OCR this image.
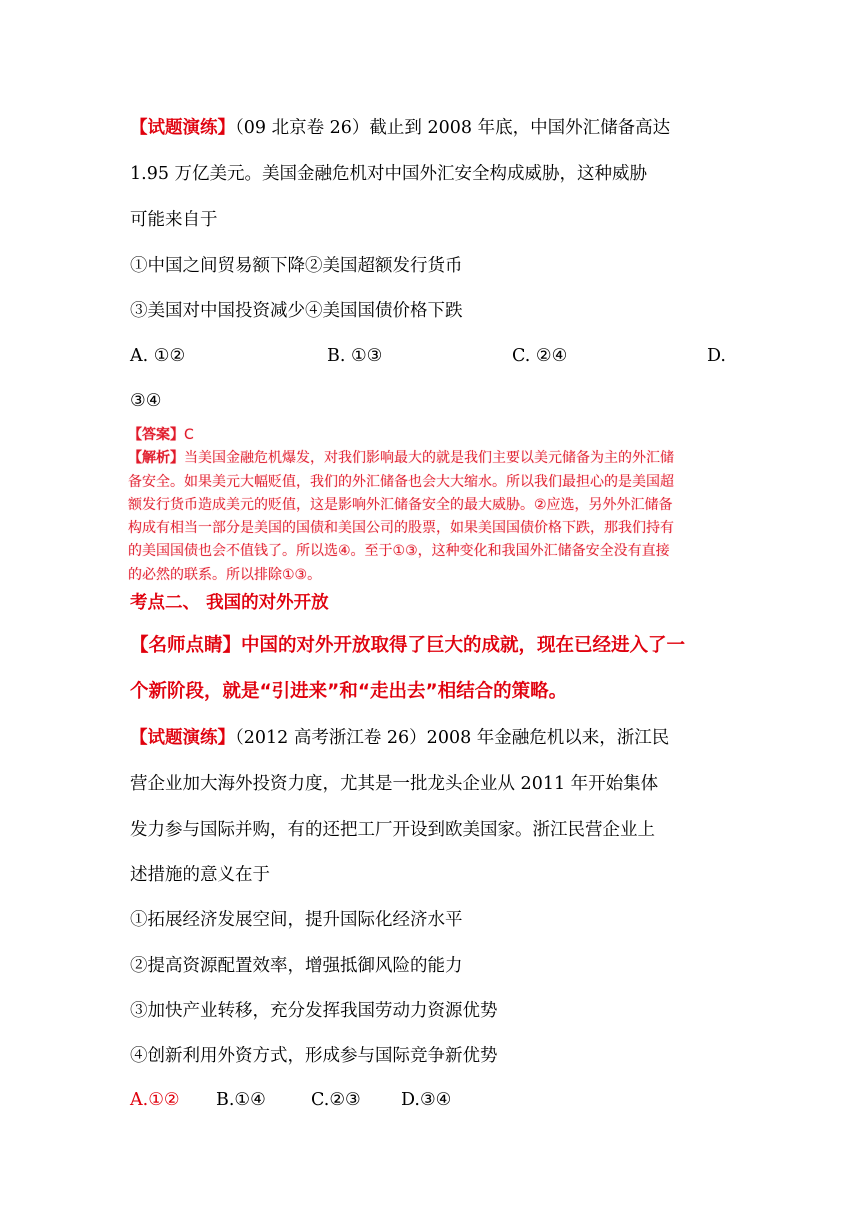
【试题演练】（09 北京卷 26）截止到 2008 年底，中国外汇储备高达
1.95 万亿美元。美国金融危机对中国外汇安全构成威胁，这种威胁
可能来自于
①中国之间贸易额下降②美国超额发行货币
③美国对中国投资减少④美国国债价格下跌
A. ①②	B. ①③	C. ②④	D.
③④
【答案】C
【解析】当美国金融危机爆发，对我们影响最大的就是我们主要以美元储备为主的外汇储
备安全。如果美元大幅贬值，我们的外汇储备也会大大缩水。所以我们最担心的是美国超
额发行货币造成美元的贬值，这是影响外汇储备安全的最大威胁。②应选，另外外汇储备
构成有相当一部分是美国的国债和美国公司的股票，如果美国国债价格下跌，那我们持有
的美国国债也会不值钱了。所以选④。至于①③，这种变化和我国外汇储备安全没有直接
的必然的联系。所以排除①③。
考点二、 我国的对外开放
【名师点睛】中国的对外开放取得了巨大的成就，现在已经进入了一
个新阶段，就是“引进来”和“走出去”相结合的策略。
【试题演练】（2012 高考浙江卷 26）2008 年金融危机以来，浙江民
营企业加大海外投资力度，尤其是一批龙头企业从 2011 年开始集体
发力参与国际并购，有的还把工厂开设到欧美国家。浙江民营企业上
述措施的意义在于
①拓展经济发展空间，提升国际化经济水平
②提高资源配置效率，增强抵御风险的能力
③加快产业转移，充分发挥我国劳动力资源优势
④创新利用外资方式，形成参与国际竞争新优势
A.①② B.①④	C.②③ D.③④
